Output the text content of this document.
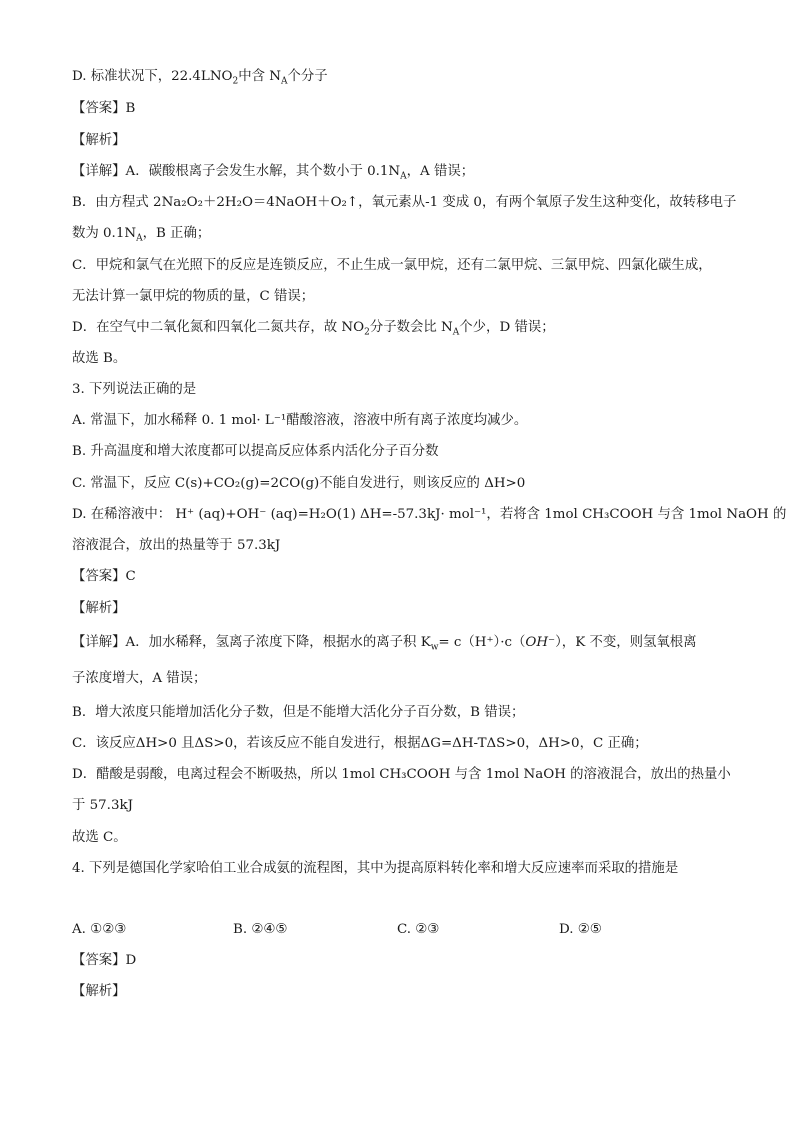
D. 标准状况下，$22.4LNO_2$中含 $N_A$个分子
【答案】B
【解析】
【详解】A．碳酸根离子会发生水解，其个数小于 $0.1N_A$，A 错误；
B．由方程式 2Na₂O₂＋2H₂O＝4NaOH＋O₂↑，氧元素从-1 变成 0，有两个氧原子发生这种变化，故转移电子
数为 $0.1N_A$，B 正确；
C．甲烷和氯气在光照下的反应是连锁反应，不止生成一氯甲烷，还有二氯甲烷、三氯甲烷、四氯化碳生成，
无法计算一氯甲烷的物质的量，C 错误；
D．在空气中二氧化氮和四氧化二氮共存，故 $NO_2$分子数会比 $N_A$个少，D 错误；
故选 B。
3. 下列说法正确的是
A. 常温下，加水稀释 0. 1 mol· L⁻¹醋酸溶液，溶液中所有离子浓度均减少。
B. 升高温度和增大浓度都可以提高反应体系内活化分子百分数
C. 常温下，反应 C(s)+CO₂(g)=2CO(g)不能自发进行，则该反应的 ΔH>0
D. 在稀溶液中： H⁺ (aq)+OH⁻ (aq)=H₂O(1) ΔH=-57.3kJ· mol⁻¹，若将含 1mol CH₃COOH 与含 1mol NaOH 的
溶液混合，放出的热量等于 57.3kJ
【答案】C
【解析】
【详解】A．加水稀释，氢离子浓度下降，根据水的离子积 $K_w= c(H^+)\cdot c(OH^-)$，K 不变，则氢氧根离
子浓度增大，A 错误；
B．增大浓度只能增加活化分子数，但是不能增大活化分子百分数，B 错误；
C．该反应ΔH>0 且ΔS>0，若该反应不能自发进行，根据ΔG=ΔH-TΔS>0，ΔH>0，C 正确；
D．醋酸是弱酸，电离过程会不断吸热，所以 1mol CH₃COOH 与含 1mol NaOH 的溶液混合，放出的热量小
于 57.3kJ
故选 C。
4. 下列是德国化学家哈伯工业合成氨的流程图，其中为提高原料转化率和增大反应速率而采取的措施是
A. ①②③	B. ②④⑤	C. ②③	D. ②⑤
【答案】D
【解析】
